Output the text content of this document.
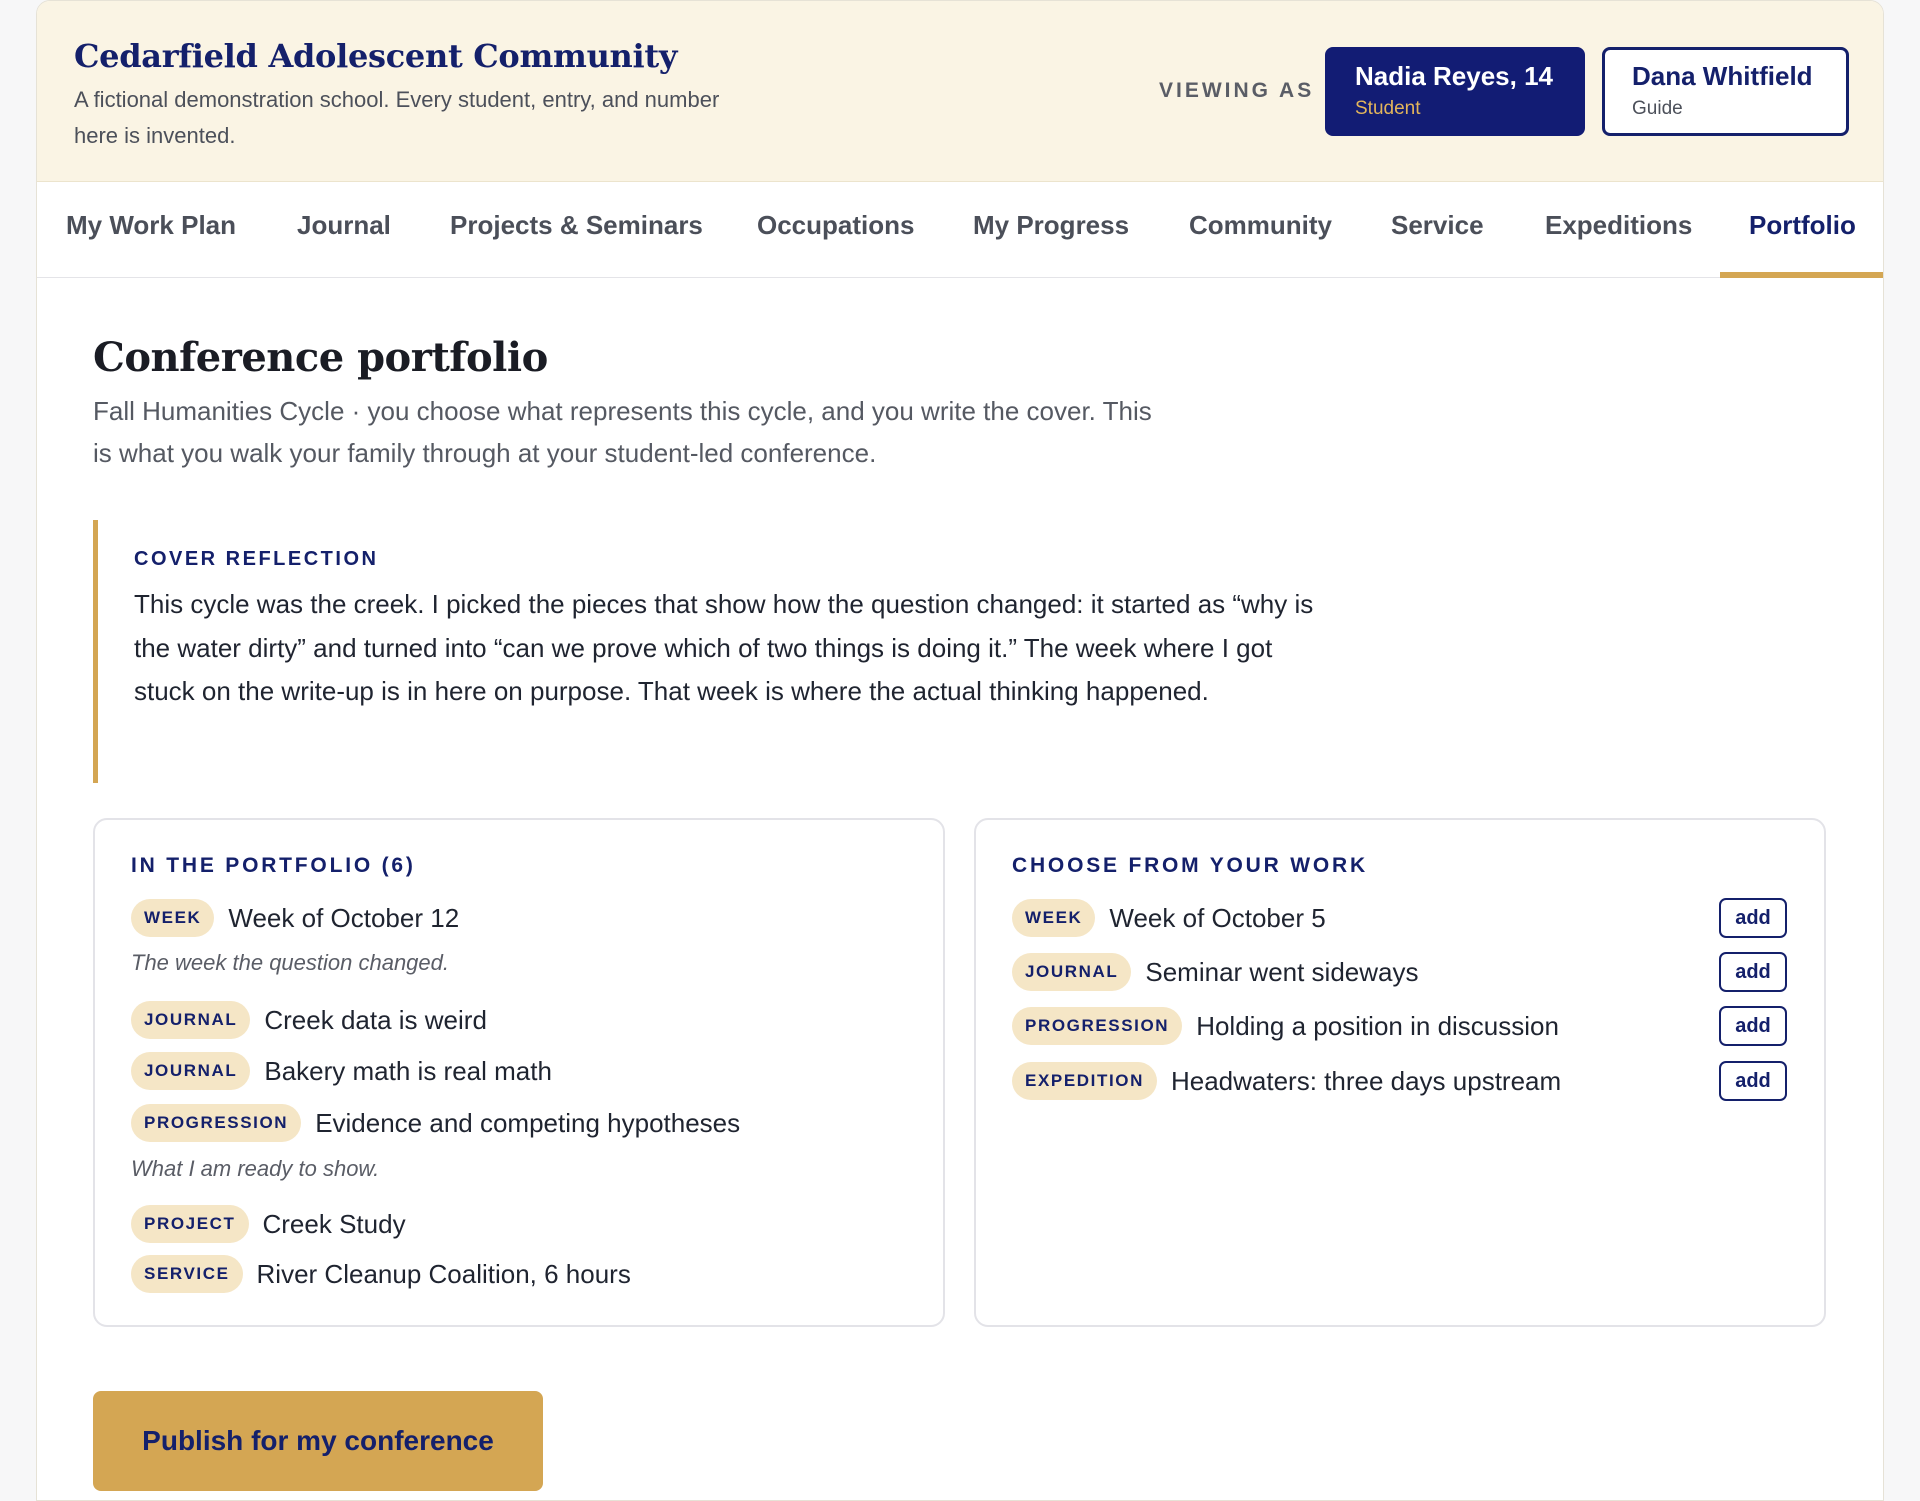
Cedarfield Adolescent Community
A fictional demonstration school. Every student, entry, and number here is invented.
VIEWING AS Nadia Reyes, 14
Student
Dana Whitfield
Guide
My Work Plan Journal Projects & Seminars Occupations My Progress Community Service Expeditions Portfolio
Conference portfolio
Fall Humanities Cycle · you choose what represents this cycle, and you write the cover. This is what you walk your family through at your student-led conference.
COVER REFLECTION
This cycle was the creek. I picked the pieces that show how the question changed: it started as “why is the water dirty” and turned into “can we prove which of two things is doing it.” The week where I got stuck on the write-up is in here on purpose. That week is where the actual thinking happened.
IN THE PORTFOLIO (6)
WEEK	Week of October 12
The week the question changed.
JOURNAL	Creek data is weird
JOURNAL	Bakery math is real math
PROGRESSION	Evidence and competing hypotheses
What I am ready to show.
PROJECT	Creek Study
SERVICE	River Cleanup Coalition, 6 hours
CHOOSE FROM YOUR WORK
WEEK	Week of October 5	add
JOURNAL	Seminar went sideways	add
PROGRESSION	Holding a position in discussion	add
EXPEDITION	Headwaters: three days upstream	add
Publish for my conference
